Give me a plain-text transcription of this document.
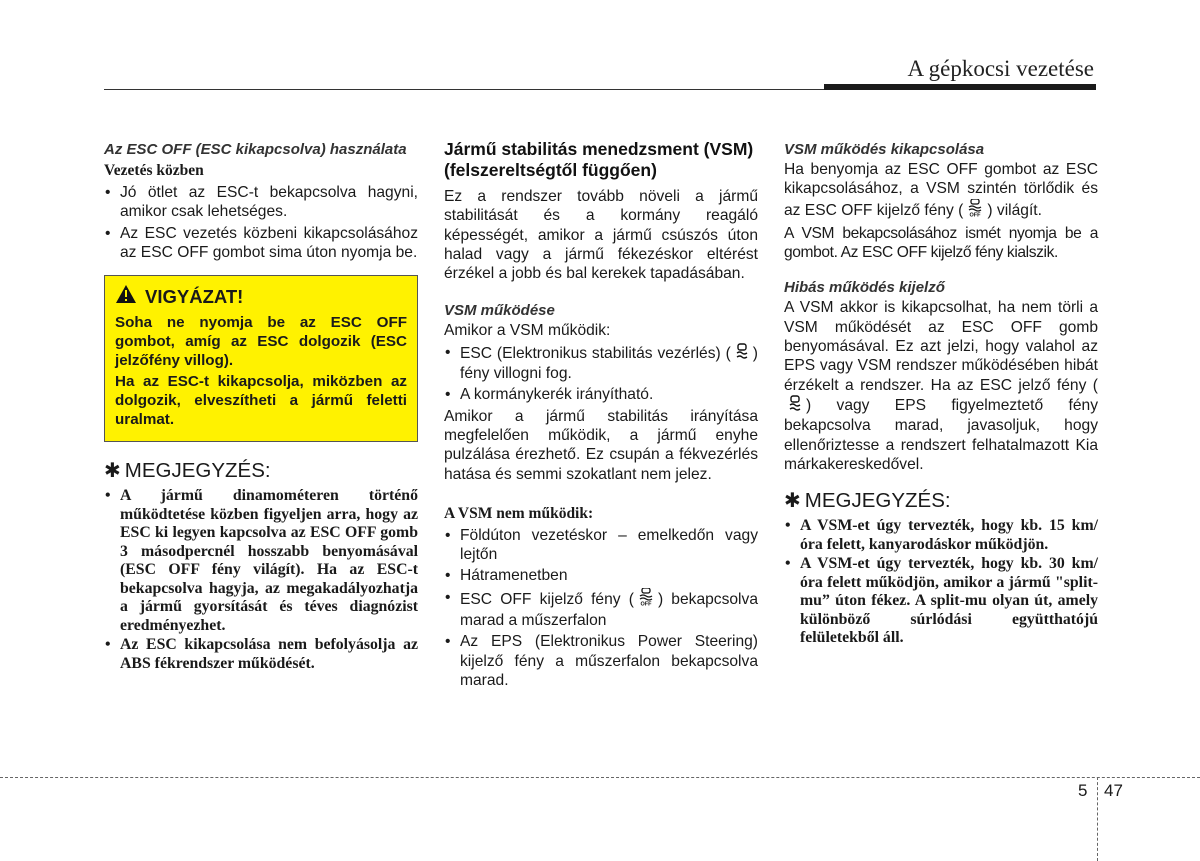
A gépkocsi vezetése
Az ESC OFF (ESC kikapcsolva) használata
Vezetés közben
• Jó ötlet az ESC-t bekapcsolva hagyni, amikor csak lehetséges.
• Az ESC vezetés közbeni kikapcsolásához az ESC OFF gombot sima úton nyomja be.
VIGYÁZAT!

Soha ne nyomja be az ESC OFF gombot, amíg az ESC dolgozik (ESC jelzőfény villog).

Ha az ESC-t kikapcsolja, miközben az dolgozik, elveszítheti a jármű feletti uralmat.

✱ MEGJEGYZÉS:
• A jármű dinamométeren történő működtetése közben figyeljen arra, hogy az ESC ki legyen kapcsolva az ESC OFF gomb 3 másodpercnél hosszabb benyomásával (ESC OFF fény világít). Ha az ESC-t bekapcsolva hagyja, az megakadályozhatja a jármű gyorsítását és téves diagnózist eredményezhet.
• Az ESC kikapcsolása nem befolyásolja az ABS fékrendszer működését.
Jármű stabilitás menedzsment (VSM) (felszereltségtől függően)

Ez a rendszer tovább növeli a jármű stabilitását és a kormány reagáló képességét, amikor a jármű csúszós úton halad vagy a jármű fékezéskor eltérést érzékel a jobb és bal kerekek tapadásában.

VSM működése

Amikor a VSM működik:

• ESC (Elektronikus stabilitás vezérlés) ( ) fény villogni fog.
• A kormánykerék irányítható.

Amikor a jármű stabilitás irányítása megfelelően működik, a jármű enyhe pulzálása érezhető. Ez csupán a fékvezérlés hatása és semmi szokatlant nem jelez.

A VSM nem működik:
• Földúton vezetéskor – emelkedőn vagy lejtőn
• Hátramenetben
• ESC OFF kijelző fény ( OFF ) bekapcsolva marad a műszerfalon
• Az EPS (Elektronikus Power Steering) kijelző fény a műszerfalon bekapcsolva marad.
VSM működés kikapcsolása

Ha benyomja az ESC OFF gombot az ESC kikapcsolásához, a VSM szintén törlődik és az ESC OFF kijelző fény ( OFF ) világít.

A VSM bekapcsolásához ismét nyomja be a gombot. Az ESC OFF kijelző fény kialszik.

Hibás működés kijelző

A VSM akkor is kikapcsolhat, ha nem törli a VSM működését az ESC OFF gomb benyomásával. Ez azt jelzi, hogy valahol az EPS vagy VSM rendszer működésében hibát érzékelt a rendszer. Ha az ESC jelző fény () vagy EPS figyelmeztető fény bekapcsolva marad, javasoljuk, hogy ellenőriztesse a rendszert felhatalmazott Kia márkakereskedővel.

✱ MEGJEGYZÉS:
• A VSM-et úgy tervezték, hogy kb. 15 km/óra felett, kanyarodáskor működjön.
• A VSM-et úgy tervezték, hogy kb. 30 km/óra felett működjön, amikor a jármű "split-mu” úton fékez. A split-mu olyan út, amely különböző súrlódási együtthatójú felületekből áll.
5 47
